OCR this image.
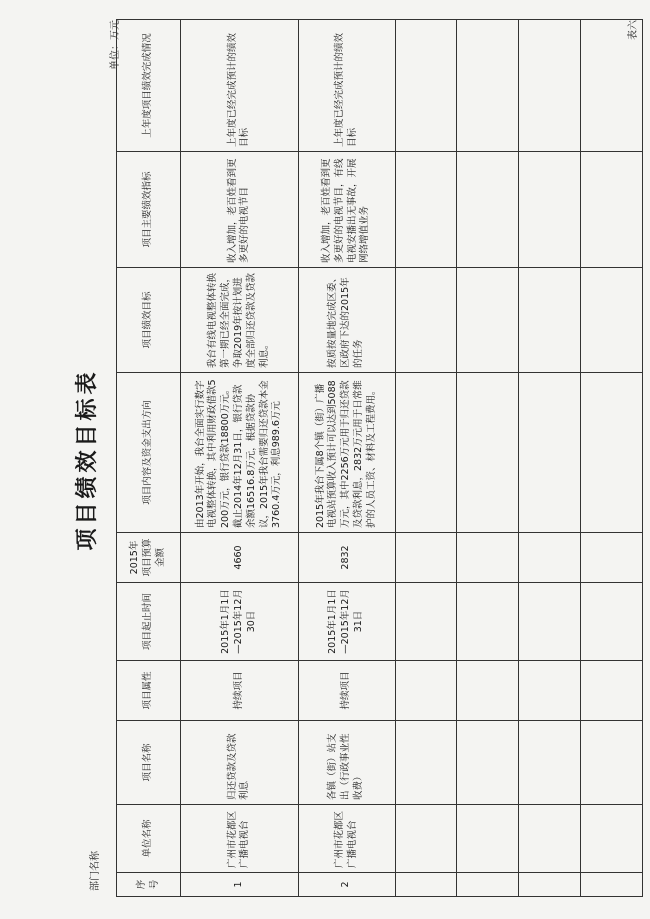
表六
项目绩效目标表
部门名称
单位：万元
序号	单位名称	项目名称	项目属性	项目起止时间	2015年项目预算金额	项目内容及资金支出方向	项目绩效目标	项目主要绩效指标	上年度项目绩效完成情况
1	广州市花都区广播电视台	归还贷款及贷款利息	持续项目	2015年1月1日—2015年12月30日	4660	由2013年开始，我台全面实行数字电视整体转换，其中利用财政借款5200万元，银行贷款18800万元。截止2014年12月31日，银行贷款余额16516.8万元，根据贷款协议，2015年我台需要归还贷款本金3760.4万元，利息989.6万元	我台有线电视整体转换第一期已经全面完成，争取2019年按计划进度全部归还贷款及贷款利息。	收入增加，老百姓看到更多更好的电视节目	上年度已经完成预计的绩效目标
2	广州市花都区广播电视台	各镇（街）站支出（行政事业性收费）	持续项目	2015年1月1日—2015年12月31日	2832	2015年我台下属8个镇（街）广播电视站预算收入预计可以达到5088万元，其中2256万元用于归还贷款及贷款利息，2832万元用于日常维护的人员工资、材料及工程费用。	按质按量地完成区委、区政府下达的2015年的任务	收入增加，老百姓看到更多更好的电视节目，有线电视安播出无事故，开展网络增值业务	上年度已经完成预计的绩效目标
